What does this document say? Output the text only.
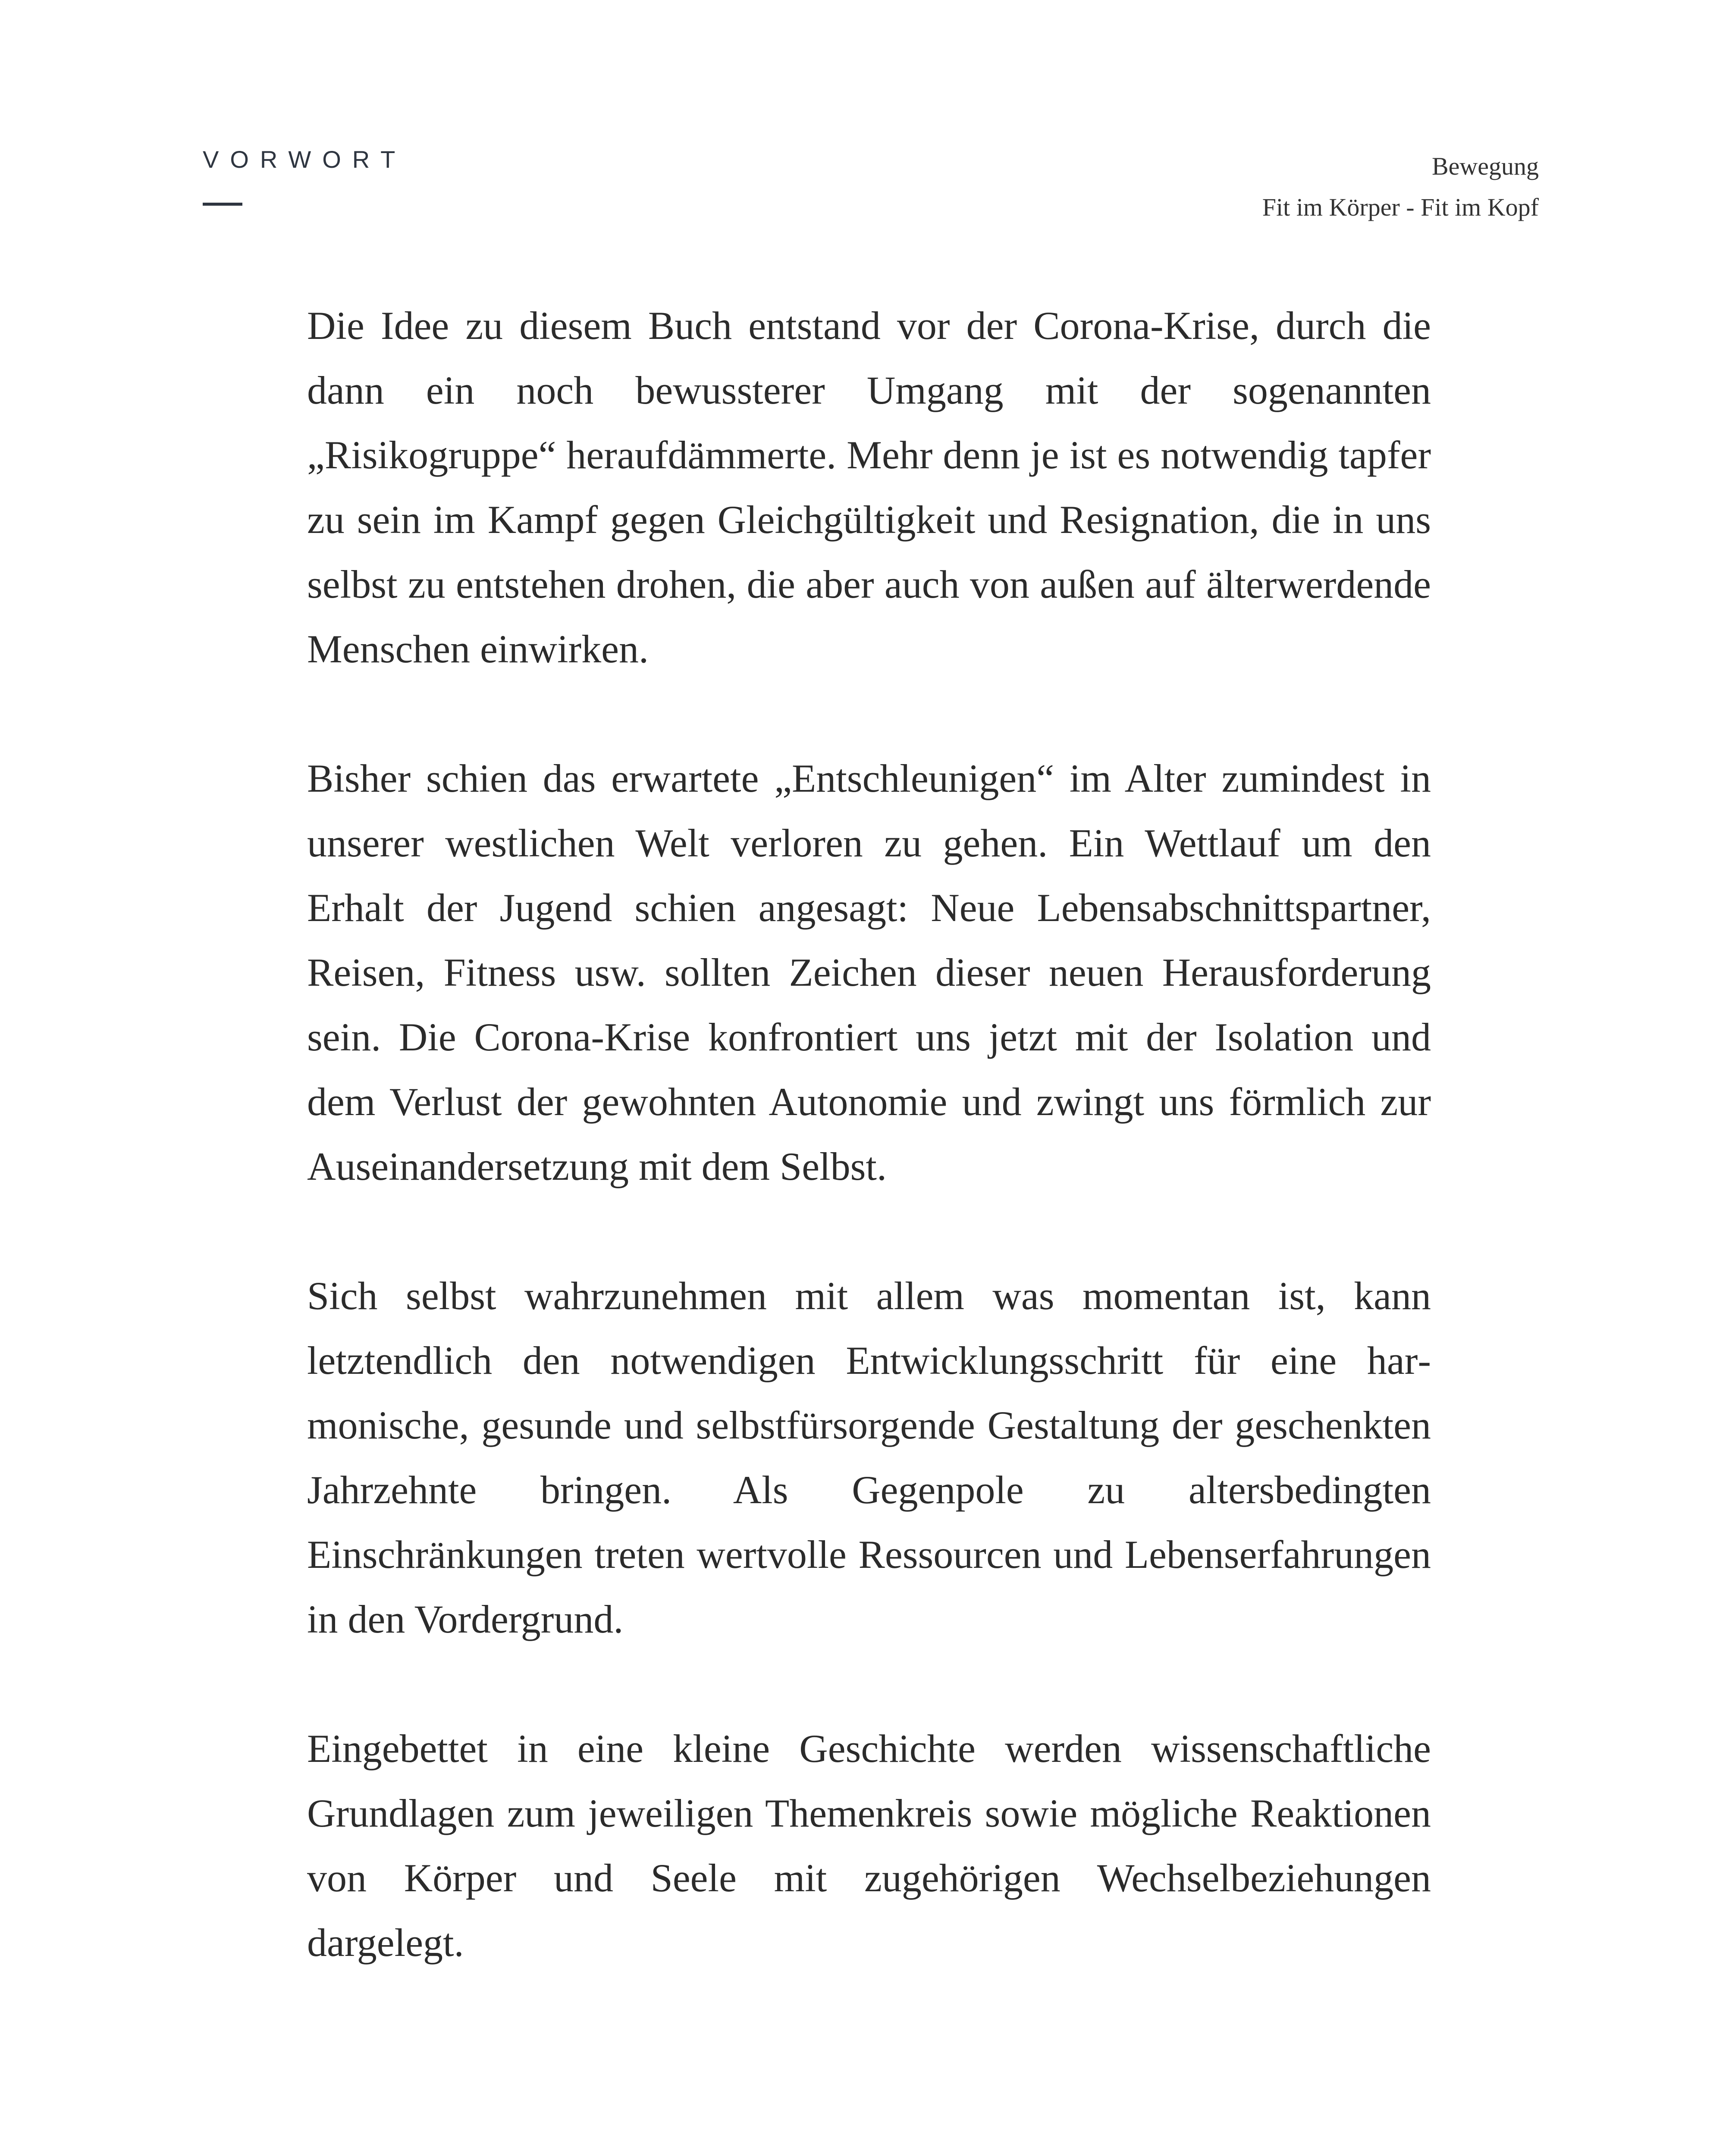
VORWORT	Bewegung
Fit im Körper - Fit im Kopf

Die Idee zu diesem Buch entstand vor der Corona-Krise, durch die dann ein noch bewussterer Umgang mit der sogenannten „Risikogruppe“ heraufdämmerte. Mehr denn je ist es notwendig tapfer zu sein im Kampf gegen Gleichgültigkeit und Resignation, die in uns selbst zu entstehen drohen, die aber auch von außen auf älterwerdende Menschen einwirken.

Bisher schien das erwartete „Entschleunigen“ im Alter zumindest in unserer westlichen Welt verloren zu gehen. Ein Wettlauf um den Erhalt der Jugend schien angesagt: Neue Lebensabschnittspartner, Reisen, Fitness usw. sollten Zeichen dieser neuen Herausforderung sein. Die Corona-Krise konfrontiert uns jetzt mit der Isolation und dem Verlust der gewohnten Autonomie und zwingt uns förmlich zur Auseinandersetzung mit dem Selbst.

Sich selbst wahrzunehmen mit allem was momentan ist, kann letztendlich den notwendigen Entwicklungsschritt für eine harmonische, gesunde und selbstfürsorgende Gestaltung der geschenkten Jahrzehnte bringen. Als Gegenpole zu altersbedingten Einschränkungen treten wertvolle Ressourcen und Lebenserfahrungen in den Vordergrund.

Eingebettet in eine kleine Geschichte werden wissenschaftliche Grundlagen zum jeweiligen Themenkreis sowie mögliche Reaktionen von Körper und Seele mit zugehörigen Wechselbeziehungen dargelegt.
